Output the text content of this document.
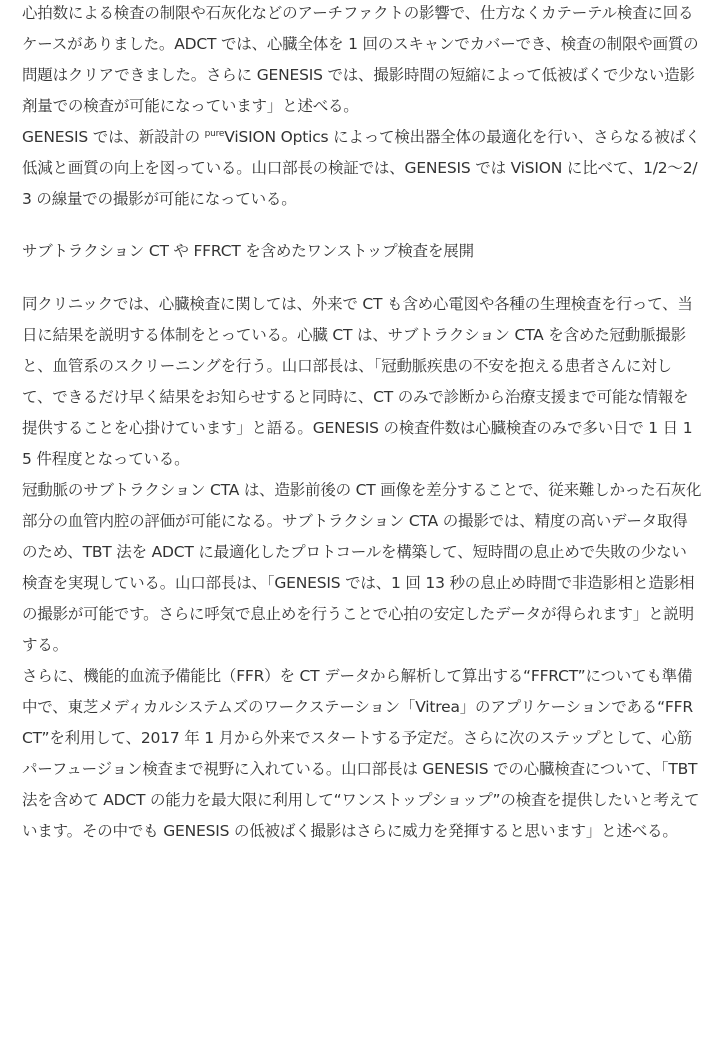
心拍数による検査の制限や石灰化などのアーチファクトの影響で、仕方なくカテーテル検査に回るケースがありました。ADCT では、心臓全体を 1 回のスキャンでカバーでき、検査の制限や画質の問題はクリアできました。さらに GENESIS では、撮影時間の短縮によって低被ばくで少ない造影剤量での検査が可能になっています」と述べる。

GENESIS では、新設計の $^{pure}$ViSION Optics によって検出器全体の最適化を行い、さらなる被ばく低減と画質の向上を図っている。山口部長の検証では、GENESIS では ViSION に比べて、1/2～2/3 の線量での撮影が可能になっている。

サブトラクション CT や FFRCT を含めたワンストップ検査を展開

同クリニックでは、心臓検査に関しては、外来で CT も含め心電図や各種の生理検査を行って、当日に結果を説明する体制をとっている。心臓 CT は、サブトラクション CTA を含めた冠動脈撮影と、血管系のスクリーニングを行う。山口部長は、「冠動脈疾患の不安を抱える患者さんに対して、できるだけ早く結果をお知らせすると同時に、CT のみで診断から治療支援まで可能な情報を提供することを心掛けています」と語る。GENESIS の検査件数は心臓検査のみで多い日で 1 日 15 件程度となっている。

冠動脈のサブトラクション CTA は、造影前後の CT 画像を差分することで、従来難しかった石灰化部分の血管内腔の評価が可能になる。サブトラクション CTA の撮影では、精度の高いデータ取得のため、TBT 法を ADCT に最適化したプロトコールを構築して、短時間の息止めで失敗の少ない検査を実現している。山口部長は、「GENESIS では、1 回 13 秒の息止め時間で非造影相と造影相の撮影が可能です。さらに呼気で息止めを行うことで心拍の安定したデータが得られます」と説明する。

さらに、機能的血流予備能比（FFR）を CT データから解析して算出する“FFRCT”についても準備中で、東芝メディカルシステムズのワークステーション「Vitrea」のアプリケーションである“FFRCT”を利用して、2017 年 1 月から外来でスタートする予定だ。さらに次のステップとして、心筋パーフュージョン検査まで視野に入れている。山口部長は GENESIS での心臓検査について、「TBT 法を含めて ADCT の能力を最大限に利用して“ワンストップショップ”の検査を提供したいと考えています。その中でも GENESIS の低被ばく撮影はさらに威力を発揮すると思います」と述べる。
